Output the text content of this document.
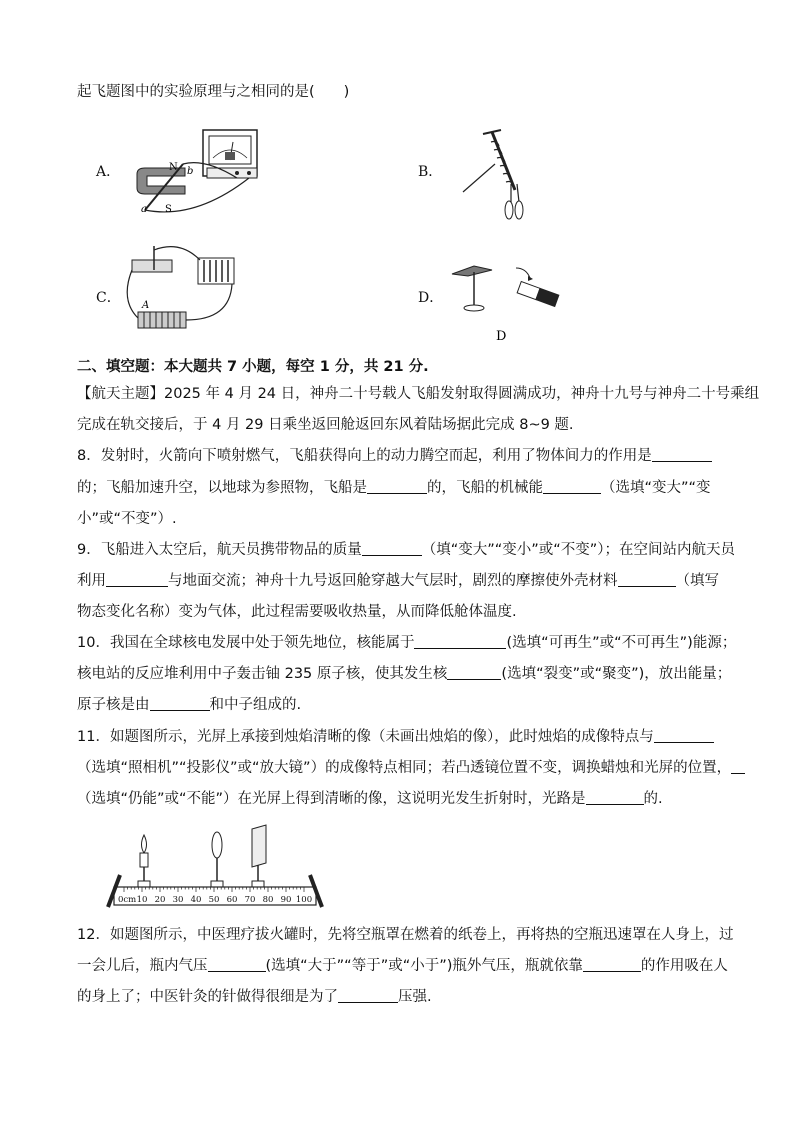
起飞题图中的实验原理与之相同的是(　　)
A．	N
S
a
b	B．
C． A	D．
D
二、填空题：本大题共 7 小题，每空 1 分，共 21 分.
【航天主题】2025 年 4 月 24 日，神舟二十号载人飞船发射取得圆满成功，神舟十九号与神舟二十号乘组
完成在轨交接后，于 4 月 29 日乘坐返回舱返回东风着陆场据此完成 8~9 题.
8．发射时，火箭向下喷射燃气，飞船获得向上的动力腾空而起，利用了物体间力的作用是
的；飞船加速升空，以地球为参照物，飞船是	的，飞船的机械能	（选填“变大”“变
小”或“不变”）.
9．飞船进入太空后，航天员携带物品的质量	（填“变大”“变小”或“不变”）；在空间站内航天员
利用	与地面交流；神舟十九号返回舱穿越大气层时，剧烈的摩擦使外壳材料	（填写
物态变化名称）变为气体，此过程需要吸收热量，从而降低舱体温度.
10．我国在全球核电发展中处于领先地位，核能属于	(选填“可再生”或“不可再生”)能源；
核电站的反应堆利用中子轰击铀 235 原子核，使其发生核	(选填“裂变”或“聚变”)，放出能量；
原子核是由	和中子组成的.
11．如题图所示，光屏上承接到烛焰清晰的像（未画出烛焰的像），此时烛焰的成像特点与
（选填“照相机”“投影仪”或“放大镜”）的成像特点相同；若凸透镜位置不变，调换蜡烛和光屏的位置，
（选填“仍能”或“不能”）在光屏上得到清晰的像，这说明光发生折射时，光路是	的.
0cm 10 20 30 40 50 60 70 80 90 100
12．如题图所示，中医理疗拔火罐时，先将空瓶罩在燃着的纸卷上，再将热的空瓶迅速罩在人身上，过
一会儿后，瓶内气压	(选填“大于”“等于”或“小于”)瓶外气压，瓶就依靠	的作用吸在人
的身上了；中医针灸的针做得很细是为了	压强.
